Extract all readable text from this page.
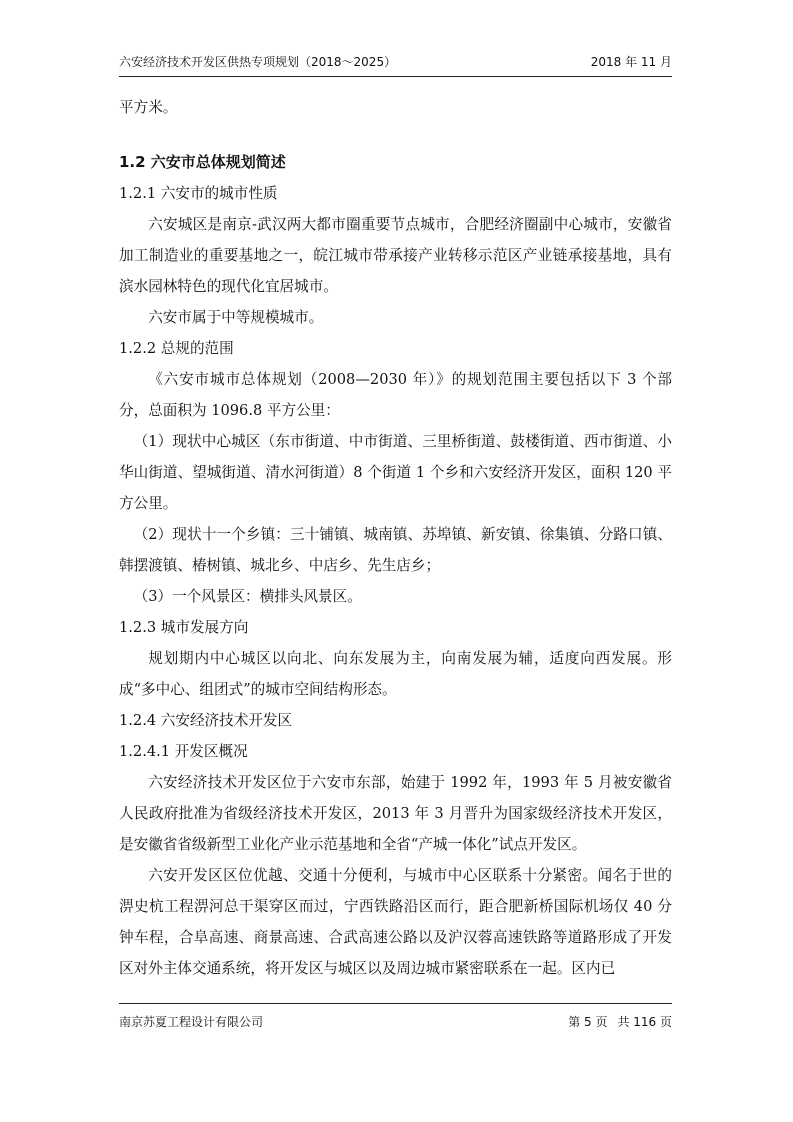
六安经济技术开发区供热专项规划（2018～2025）	2018 年 11 月

平方米。

1.2 六安市总体规划简述

1.2.1 六安市的城市性质

六安城区是南京-武汉两大都市圈重要节点城市，合肥经济圈副中心城市，安徽省加工制造业的重要基地之一，皖江城市带承接产业转移示范区产业链承接基地，具有滨水园林特色的现代化宜居城市。

六安市属于中等规模城市。

1.2.2 总规的范围

《六安市城市总体规划（2008—2030 年）》的规划范围主要包括以下 3 个部分，总面积为 1096.8 平方公里：

（1）现状中心城区（东市街道、中市街道、三里桥街道、鼓楼街道、西市街道、小华山街道、望城街道、清水河街道）8 个街道 1 个乡和六安经济开发区，面积 120 平方公里。

（2）现状十一个乡镇：三十铺镇、城南镇、苏埠镇、新安镇、徐集镇、分路口镇、韩摆渡镇、椿树镇、城北乡、中店乡、先生店乡；

（3）一个风景区：横排头风景区。

1.2.3 城市发展方向

规划期内中心城区以向北、向东发展为主，向南发展为辅，适度向西发展。形成“多中心、组团式”的城市空间结构形态。

1.2.4 六安经济技术开发区

1.2.4.1 开发区概况

六安经济技术开发区位于六安市东部，始建于 1992 年，1993 年 5 月被安徽省人民政府批准为省级经济技术开发区，2013 年 3 月晋升为国家级经济技术开发区，是安徽省省级新型工业化产业示范基地和全省“产城一体化”试点开发区。

六安开发区区位优越、交通十分便利，与城市中心区联系十分紧密。闻名于世的淠史杭工程淠河总干渠穿区而过，宁西铁路沿区而行，距合肥新桥国际机场仅 40 分钟车程，合阜高速、商景高速、合武高速公路以及沪汉蓉高速铁路等道路形成了开发区对外主体交通系统，将开发区与城区以及周边城市紧密联系在一起。区内已

南京苏夏工程设计有限公司	第 5 页 共 116 页
